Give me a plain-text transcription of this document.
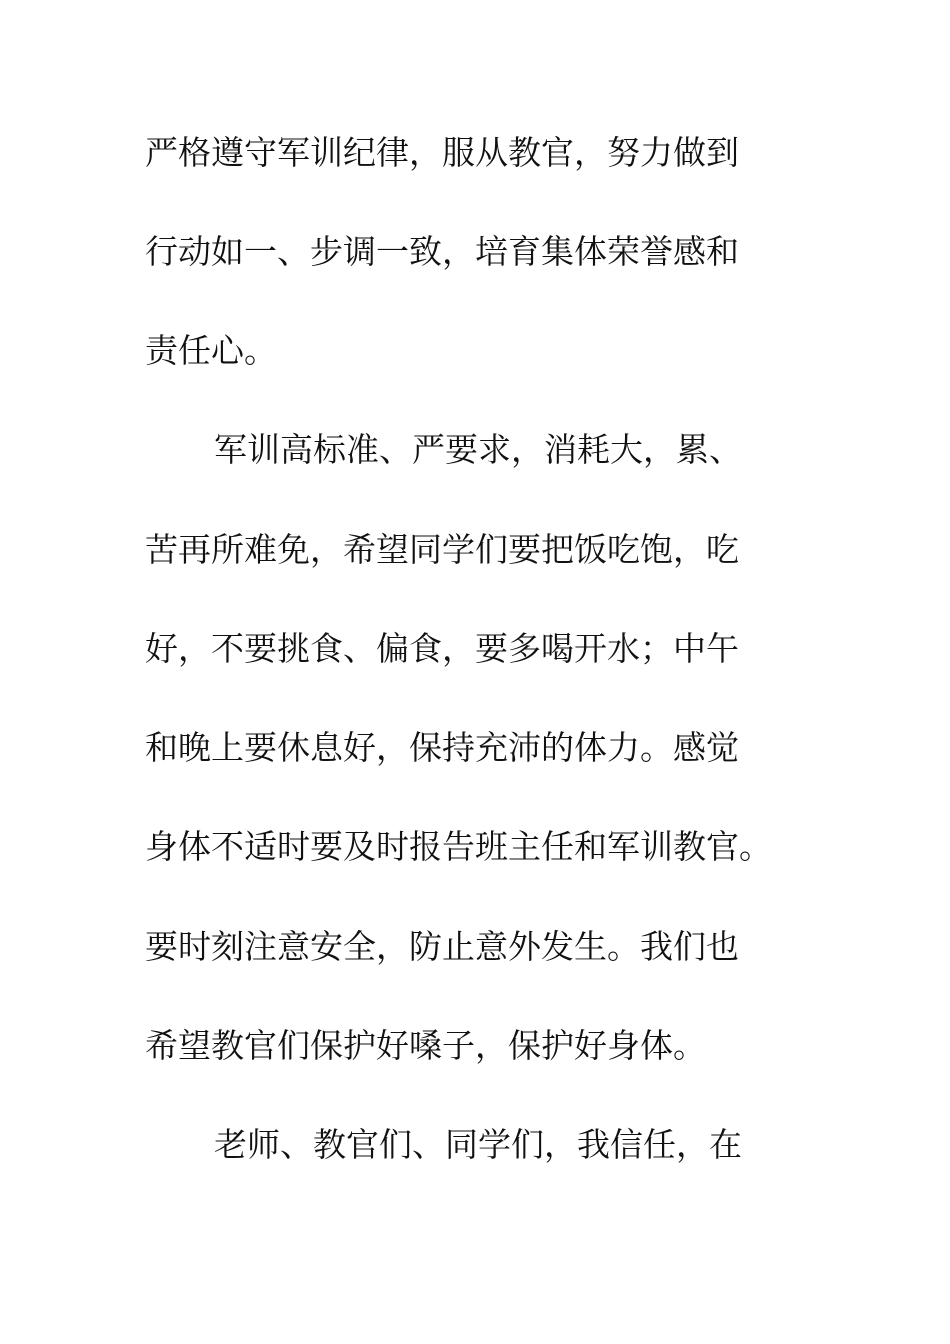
严格遵守军训纪律，服从教官，努力做到
行动如一、步调一致，培育集体荣誉感和
责任心。
军训高标准、严要求，消耗大，累、
苦再所难免，希望同学们要把饭吃饱，吃
好，不要挑食、偏食，要多喝开水；中午
和晚上要休息好，保持充沛的体力。感觉
身体不适时要及时报告班主任和军训教官。
要时刻注意安全，防止意外发生。我们也
希望教官们保护好嗓子，保护好身体。
老师、教官们、同学们，我信任，在
